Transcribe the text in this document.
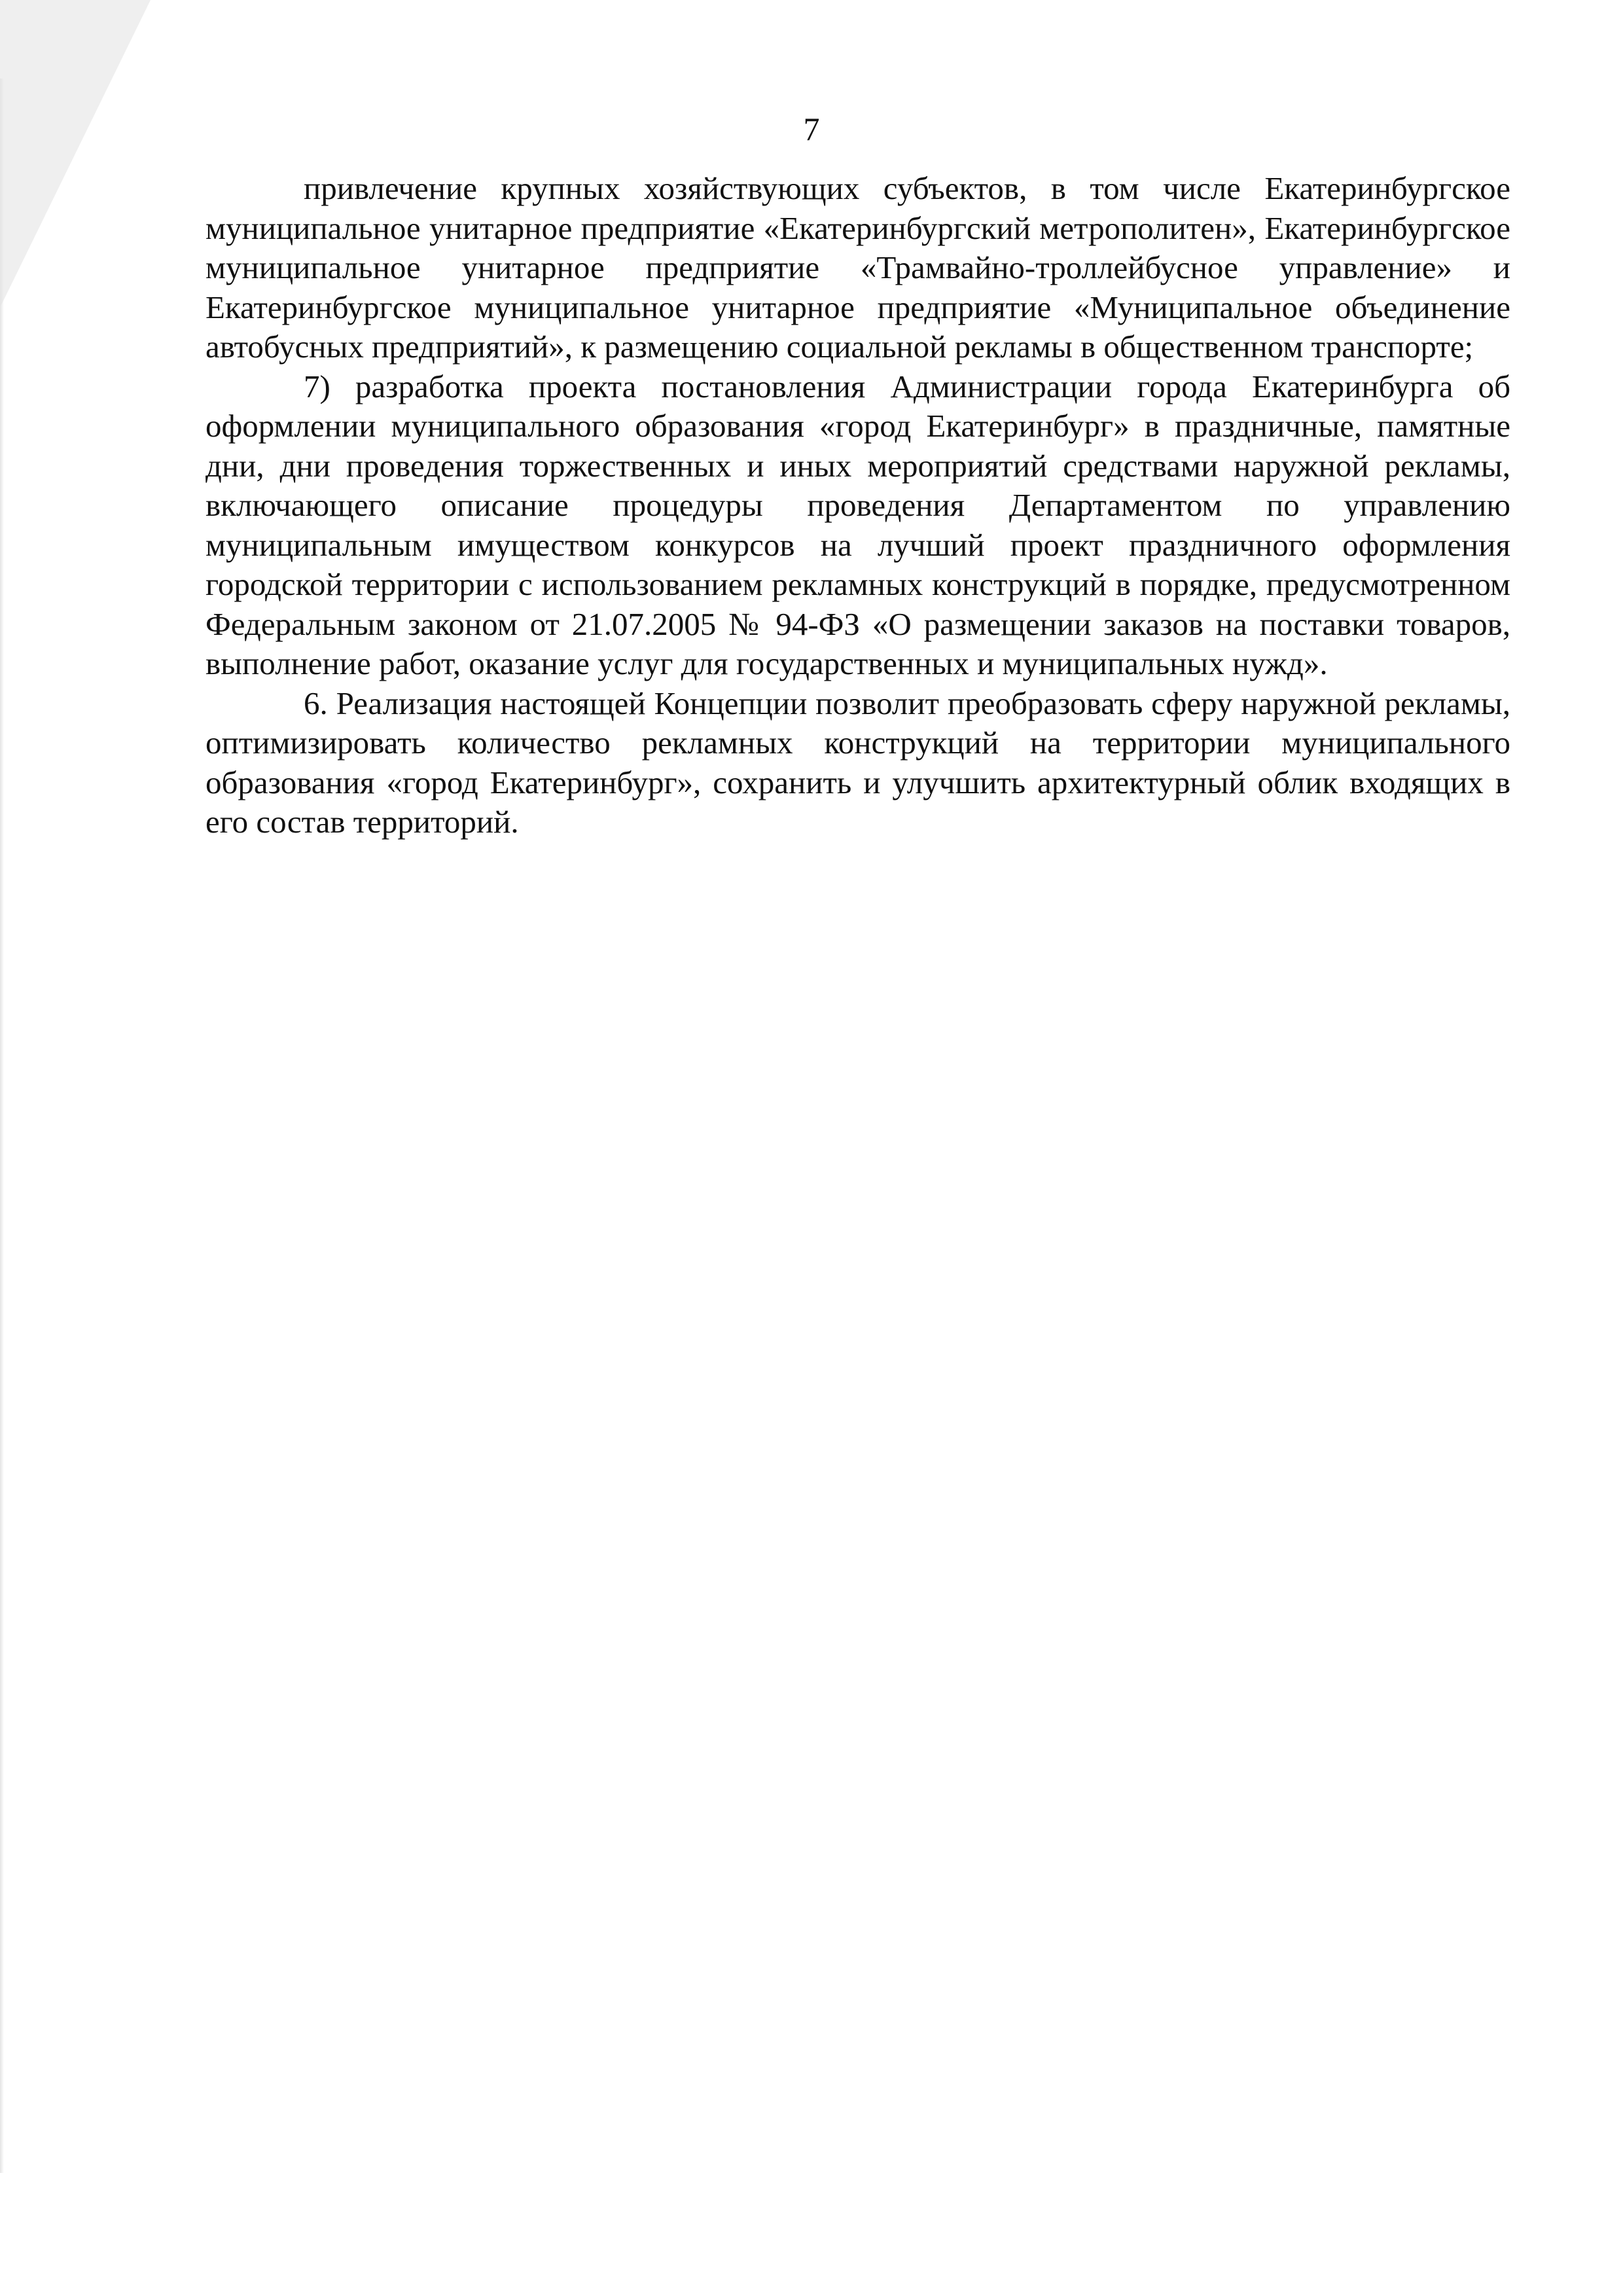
7

привлечение крупных хозяйствующих субъектов, в том числе Екатеринбургское муниципальное унитарное предприятие «Екатеринбургский метрополитен», Екатеринбургское муниципальное унитарное предприятие «Трамвайно-троллейбусное управление» и Екатеринбургское муниципальное унитарное предприятие «Муниципальное объединение автобусных предприятий», к размещению социальной рекламы в общественном транспорте;

7) разработка проекта постановления Администрации города Екатеринбурга об оформлении муниципального образования «город Екатеринбург» в праздничные, памятные дни, дни проведения торжественных и иных мероприятий средствами наружной рекламы, включающего описание процедуры проведения Департаментом по управлению муниципальным имуществом конкурсов на лучший проект праздничного оформления городской территории с использованием рекламных конструкций в порядке, предусмотренном Федеральным законом от 21.07.2005 № 94-ФЗ «О размещении заказов на поставки товаров, выполнение работ, оказание услуг для государственных и муниципальных нужд».

6. Реализация настоящей Концепции позволит преобразовать сферу наружной рекламы, оптимизировать количество рекламных конструкций на территории муниципального образования «город Екатеринбург», сохранить и улучшить архитектурный облик входящих в его состав территорий.
